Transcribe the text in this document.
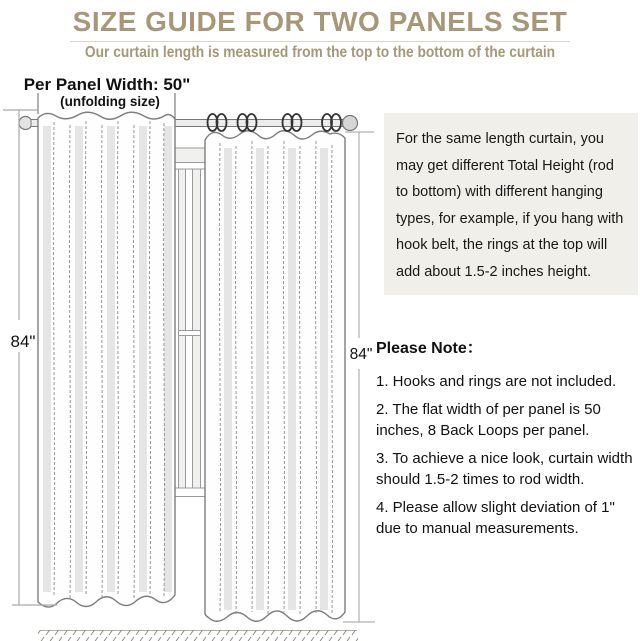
SIZE GUIDE FOR TWO PANELS SET
Our curtain length is measured from the top to the bottom of the curtain
Per Panel Width: 50"
(unfolding size)
84"
84"
For the same length curtain, you may get different Total Height (rod to bottom) with different hanging types, for example, if you hang with hook belt, the rings at the top will add about 1.5-2 inches height.
Please Note：

1. Hooks and rings are not included.

2. The flat width of per panel is 50 inches, 8 Back Loops per panel.

3. To achieve a nice look, curtain width should 1.5-2 times to rod width.

4. Please allow slight deviation of 1" due to manual measurements.
